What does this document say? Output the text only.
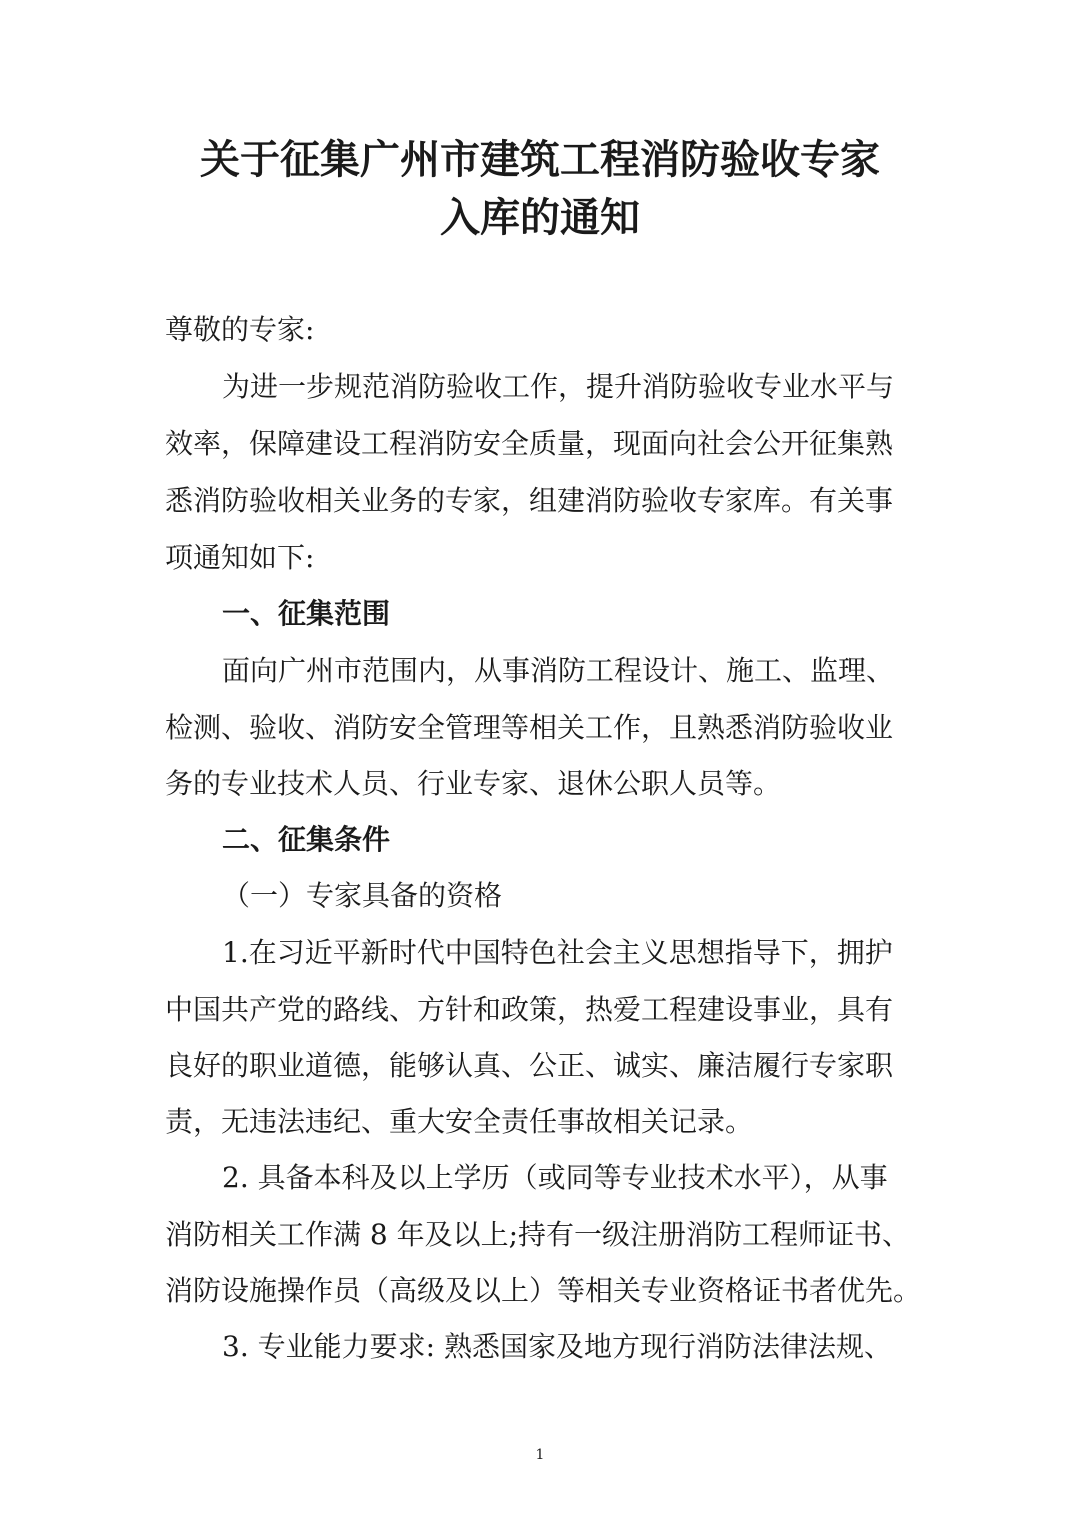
关于征集广州市建筑工程消防验收专家
入库的通知
尊敬的专家:
为进一步规范消防验收工作，提升消防验收专业水平与
效率，保障建设工程消防安全质量，现面向社会公开征集熟
悉消防验收相关业务的专家，组建消防验收专家库。有关事
项通知如下:
一、征集范围
面向广州市范围内，从事消防工程设计、施工、监理、
检测、验收、消防安全管理等相关工作，且熟悉消防验收业
务的专业技术人员、行业专家、退休公职人员等。
二、征集条件
（一）专家具备的资格
1.在习近平新时代中国特色社会主义思想指导下，拥护
中国共产党的路线、方针和政策，热爱工程建设事业，具有
良好的职业道德，能够认真、公正、诚实、廉洁履行专家职
责，无违法违纪、重大安全责任事故相关记录。
2. 具备本科及以上学历（或同等专业技术水平），从事
消防相关工作满 8 年及以上;持有一级注册消防工程师证书、
消防设施操作员（高级及以上）等相关专业资格证书者优先。
3. 专业能力要求: 熟悉国家及地方现行消防法律法规、
1
